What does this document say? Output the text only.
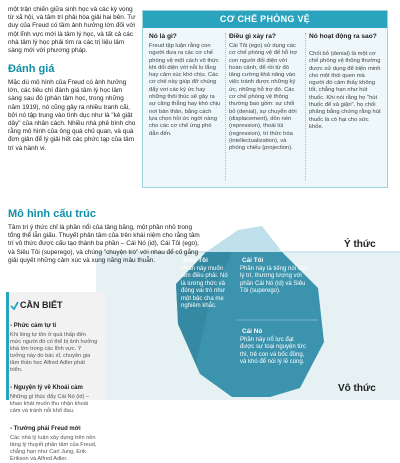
một trận chiến giữa sinh học và các kỳ vọng từ xã hội, và tâm trí phải hòa giải hai bên. Tư duy của Freud có tầm ảnh hưởng lớn đối với một lĩnh vực mới là tâm lý học, và tất cả các nhà tâm lý học phải tìm ra các trị liệu lâm sàng mới với phương pháp.
Đánh giá
Mặc dù mô hình của Freud có ảnh hưởng lớn, các tiêu chí đánh giá tâm lý học lâm sàng sau đó (phân tâm học, trong những năm 1919), nó cũng gây ra nhiều tranh cãi, bởi nó tập trung vào tình dục như là "kẻ giật dây" của nhân cách. Nhiều nhà phê bình cho rằng mô hình của ông quá chủ quan, và quá đơn giản để lý giải hết các phức tạp của tâm trí và hành vi.
CƠ CHẾ PHÒNG VỆ
Nó là gì?
Freud tập luận rằng con người đưa ra các cơ chế phòng vệ một cách vô thức khi đối diện với nỗi lo lắng hay cảm xúc khó chịu. Các cơ chế này giúp đỡ chúng đẩy vơi các ký ức hay những thôi thúc sẽ gây ra sự căng thẳng hay khó chịu nơi bản thân, bằng cách lựa chọn hồi ức ngời nàng cho các cơ chế ứng phó dẫn đến.
Điều gì xảy ra?
Cái Tôi (ego) sử dụng các cơ chế phòng vệ để hỗ trợ con người đối diện với hoàn cảnh, để rồi từ đó tăng cường khả năng vào việc tránh được những ký ức, những hỗ trợ đó. Các cơ chế phòng vệ thông thường bao gồm: sự chối bỏ (denial), sự chuyển dời (displacement), dồn nén (repression), thoái lùi (regression), trí thức hóa (intellectualization), và phóng chiếu (projection).
Nó hoạt động ra sao?
Chối bỏ (denial) là một cơ chế phòng vệ thông thường được sử dụng để biện minh cho một thói quen mà người đó cảm thấy không tốt, chẳng hạn như hút thuốc. Khi nói rằng họ "hút thuốc để xả giận", họ chối phăng bằng chứng rằng hút thuốc là có hại cho sức khỏe.
Ý thức
Vô thức
Siêu Tôi
Phần này muốn làm điều phải. Nó là lương thức và đóng vai trò như một bậc cha mẹ nghiêm khắc.
Cái Tôi
Phần này là tiếng nói của lý trí, thương lượng với phần Cái Nó (id) và Siêu Tôi (superego).
Cái Nó
Phần này nổ lực đạt được sự toại nguyện tức thì, trẻ con và bốc đồng, và khó để nói lý lẽ cùng.
Mô hình cấu trúc
Tâm trí ý thức chỉ là phần nổi của tảng băng, một phần nhỏ trong tổng thể lẫn giấu. Thuyết phân tâm của trên khái niệm cho rằng tâm trí vô thức được cấu tạo thành ba phần – Cái Nó (id), Cái Tôi (ego), và Siêu Tôi (superego), và chúng "chuyện trò" với nhau để cố gắng giải quyết những cảm xúc và xung năng mâu thuẫn.
CẦN BIẾT
▪ Phức cảm tự ti
Khi lòng tự tôn ở quá thấp đến mức người đó có thể bị ảnh hưởng khá lớn trong các lĩnh vực. Ý tưởng này do bác sĩ, chuyên gia tâm thần học Alfred Adler phát triển.
▪ Nguyện lý về Khoái cảm
Những gì thúc đẩy Cái Nó (id) – khao khát muốn thu nhận khoái cảm và tránh nỗi khổ đau.
▪ Trường phái Freud mới
Các nhà lý luận xây dựng trên nền tảng lý thuyết phân tâm của Freud, chẳng hạn như Carl Jung, Erik Erikson và Alfred Adler.
